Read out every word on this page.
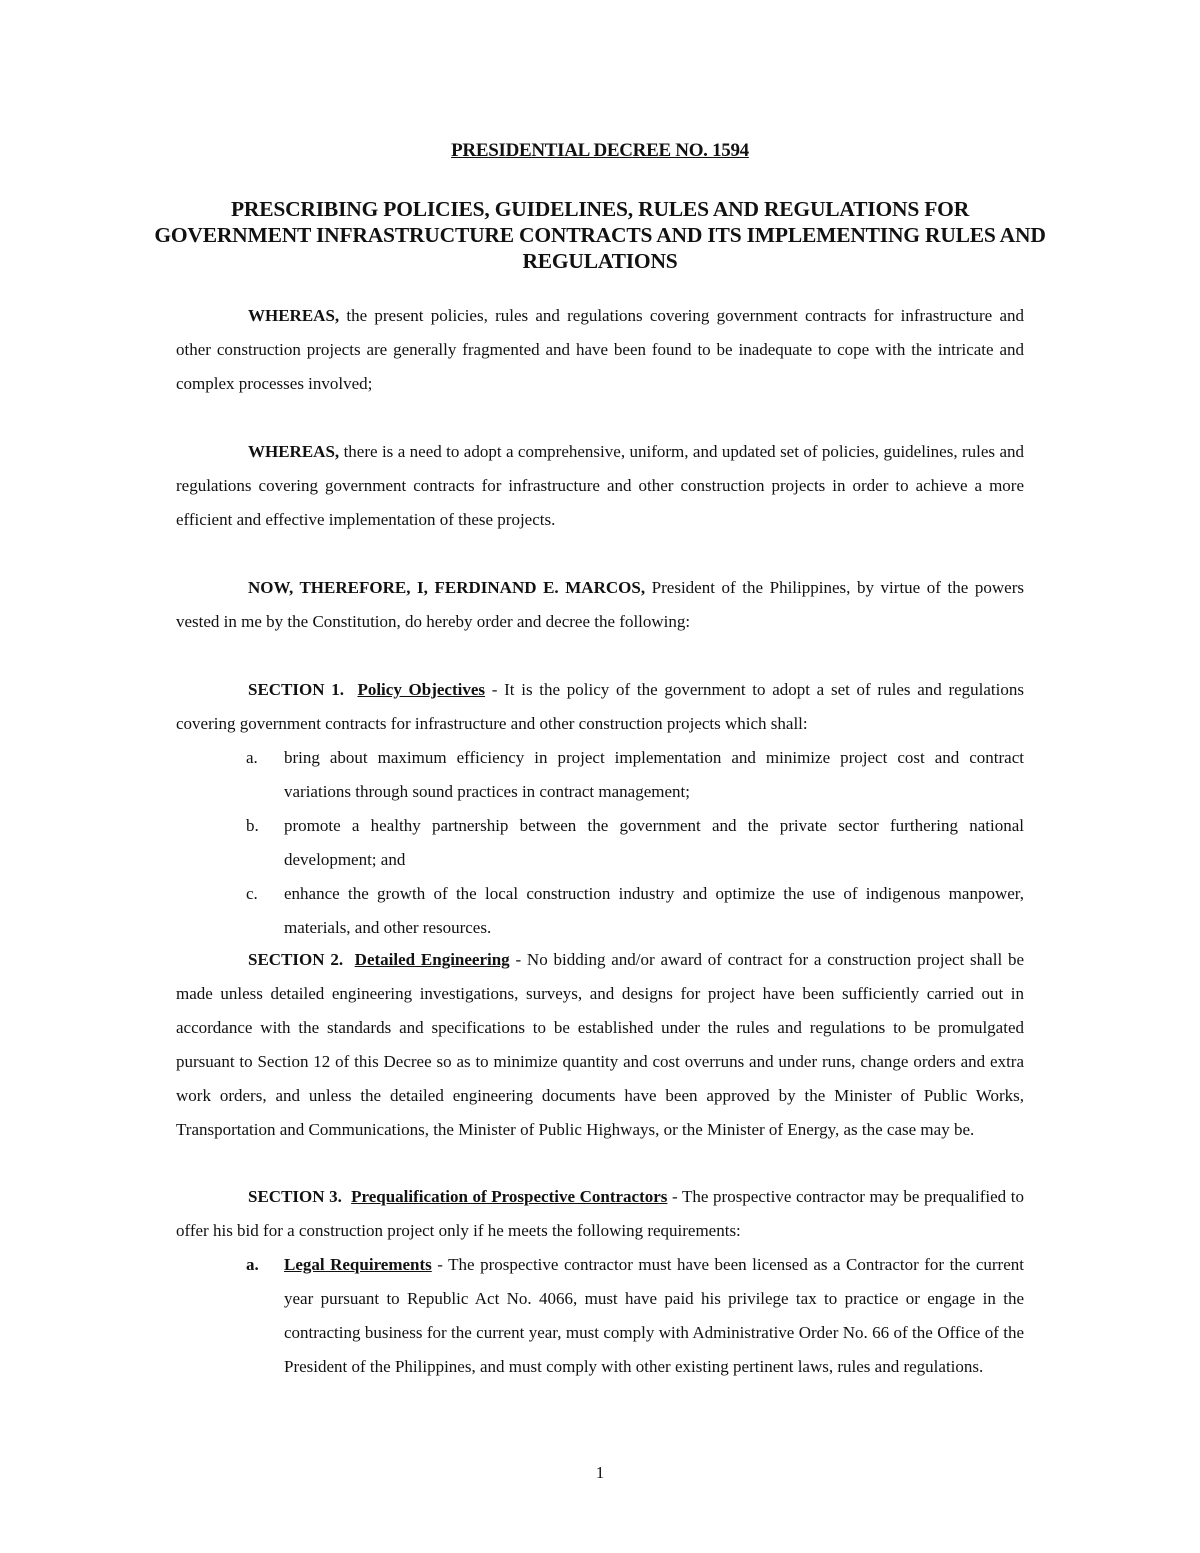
PRESIDENTIAL DECREE NO. 1594
PRESCRIBING POLICIES, GUIDELINES, RULES AND REGULATIONS FOR GOVERNMENT INFRASTRUCTURE CONTRACTS AND ITS IMPLEMENTING RULES AND REGULATIONS
WHEREAS, the present policies, rules and regulations covering government contracts for infrastructure and other construction projects are generally fragmented and have been found to be inadequate to cope with the intricate and complex processes involved;
WHEREAS, there is a need to adopt a comprehensive, uniform, and updated set of policies, guidelines, rules and regulations covering government contracts for infrastructure and other construction projects in order to achieve a more efficient and effective implementation of these projects.
NOW, THEREFORE, I, FERDINAND E. MARCOS, President of the Philippines, by virtue of the powers vested in me by the Constitution, do hereby order and decree the following:
SECTION 1. Policy Objectives - It is the policy of the government to adopt a set of rules and regulations covering government contracts for infrastructure and other construction projects which shall:
a. bring about maximum efficiency in project implementation and minimize project cost and contract variations through sound practices in contract management;
b. promote a healthy partnership between the government and the private sector furthering national development; and
c. enhance the growth of the local construction industry and optimize the use of indigenous manpower, materials, and other resources.
SECTION 2. Detailed Engineering - No bidding and/or award of contract for a construction project shall be made unless detailed engineering investigations, surveys, and designs for project have been sufficiently carried out in accordance with the standards and specifications to be established under the rules and regulations to be promulgated pursuant to Section 12 of this Decree so as to minimize quantity and cost overruns and under runs, change orders and extra work orders, and unless the detailed engineering documents have been approved by the Minister of Public Works, Transportation and Communications, the Minister of Public Highways, or the Minister of Energy, as the case may be.
SECTION 3. Prequalification of Prospective Contractors - The prospective contractor may be prequalified to offer his bid for a construction project only if he meets the following requirements:
a. Legal Requirements - The prospective contractor must have been licensed as a Contractor for the current year pursuant to Republic Act No. 4066, must have paid his privilege tax to practice or engage in the contracting business for the current year, must comply with Administrative Order No. 66 of the Office of the President of the Philippines, and must comply with other existing pertinent laws, rules and regulations.
1
